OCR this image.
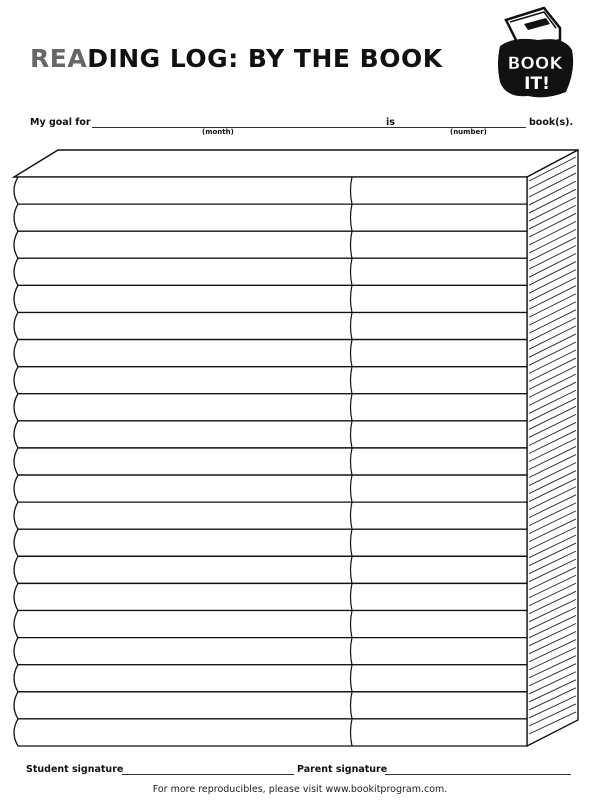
READING LOG: BY THE BOOK	BOOK
IT!
My goal for
(month)
is
(number)
book(s).
Student signature	Parent signature
For more reproducibles, please visit www.bookitprogram.com.
